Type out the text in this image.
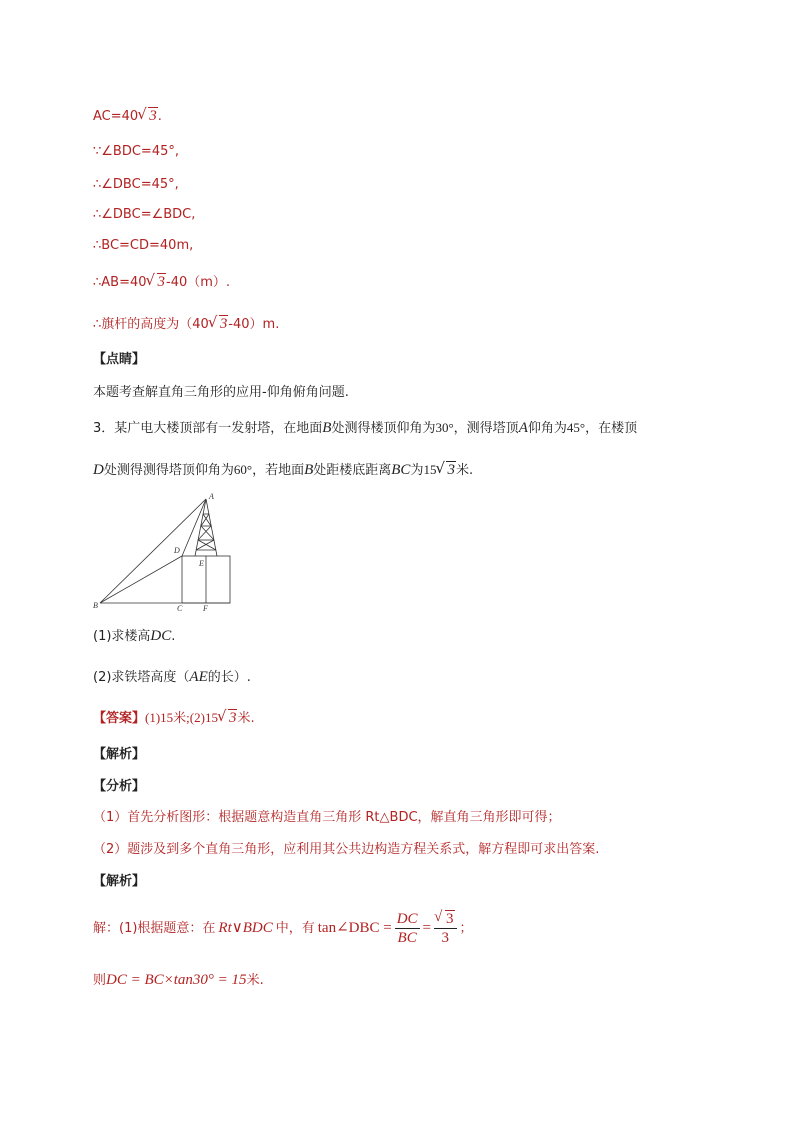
AC=40 √ 3.
∵∠BDC=45°,
∴∠DBC=45°,
∴∠DBC=∠BDC,
∴BC=CD=40m,
∴AB=40 √ 3-40（m）.
∴旗杆的高度为（40 √ 3-40）m.
【点睛】
本题考查解直角三角形的应用-仰角俯角问题.
3．某广电大楼顶部有一发射塔，在地面B处测得楼顶仰角为30°，测得塔顶A仰角为45°，在楼顶
D处测得测得塔顶仰角为60°，若地面B处距楼底距离BC为15 √ 3米.
A
D
E
B	C	F
(1)求楼高DC.
(2)求铁塔高度（AE的长）.
【答案】(1)15米;(2)15 √ 3米.
【解析】
【分析】
（1）首先分析图形：根据题意构造直角三角形 Rt△BDC，解直角三角形即可得；
（2）题涉及到多个直角三角形，应利用其公共边构造方程关系式，解方程即可求出答案.
【解析】
解：(1)根据题意：在 Rt∨BDC 中，有 tan∠DBC = $\frac{DC}{BC}$ = √ $\frac{3}{3}$ ；
则DC = BC×tan30° = 15米.
